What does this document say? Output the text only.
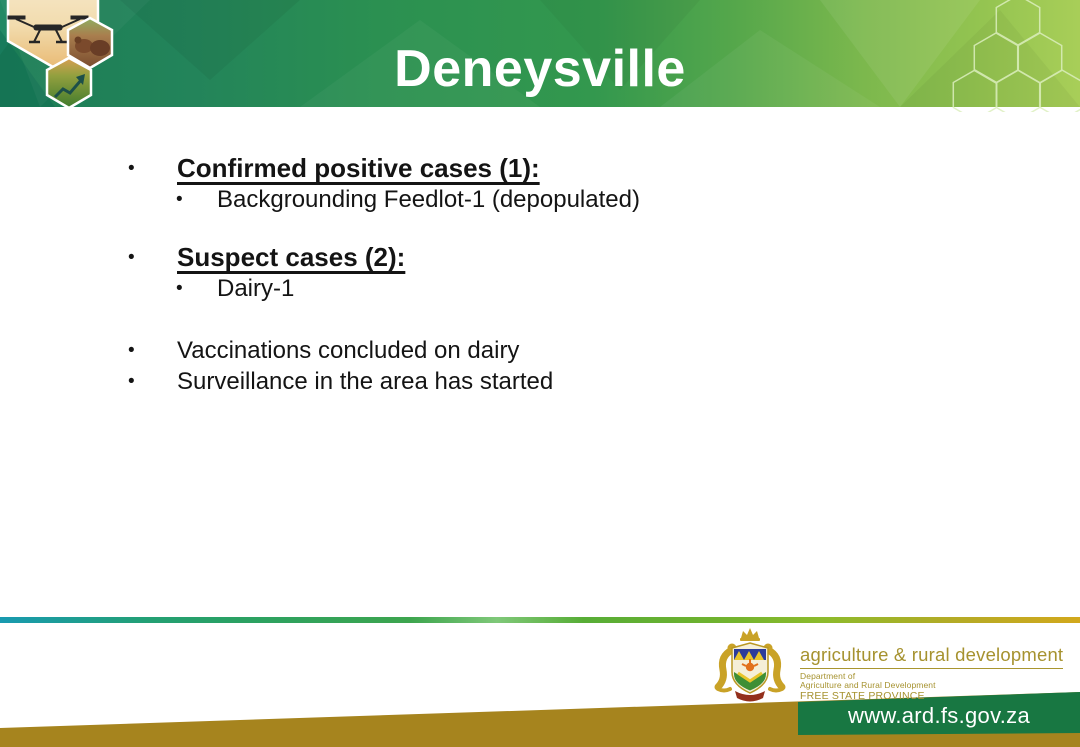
Deneysville
•	Confirmed positive cases (1):
•	Backgrounding Feedlot-1 (depopulated)
•	Suspect cases (2):
•	Dairy-1
•	Vaccinations concluded on dairy
•	Surveillance in the area has started
agriculture & rural development
Department of
Agriculture and Rural Development
FREE STATE PROVINCE
www.ard.fs.gov.za
